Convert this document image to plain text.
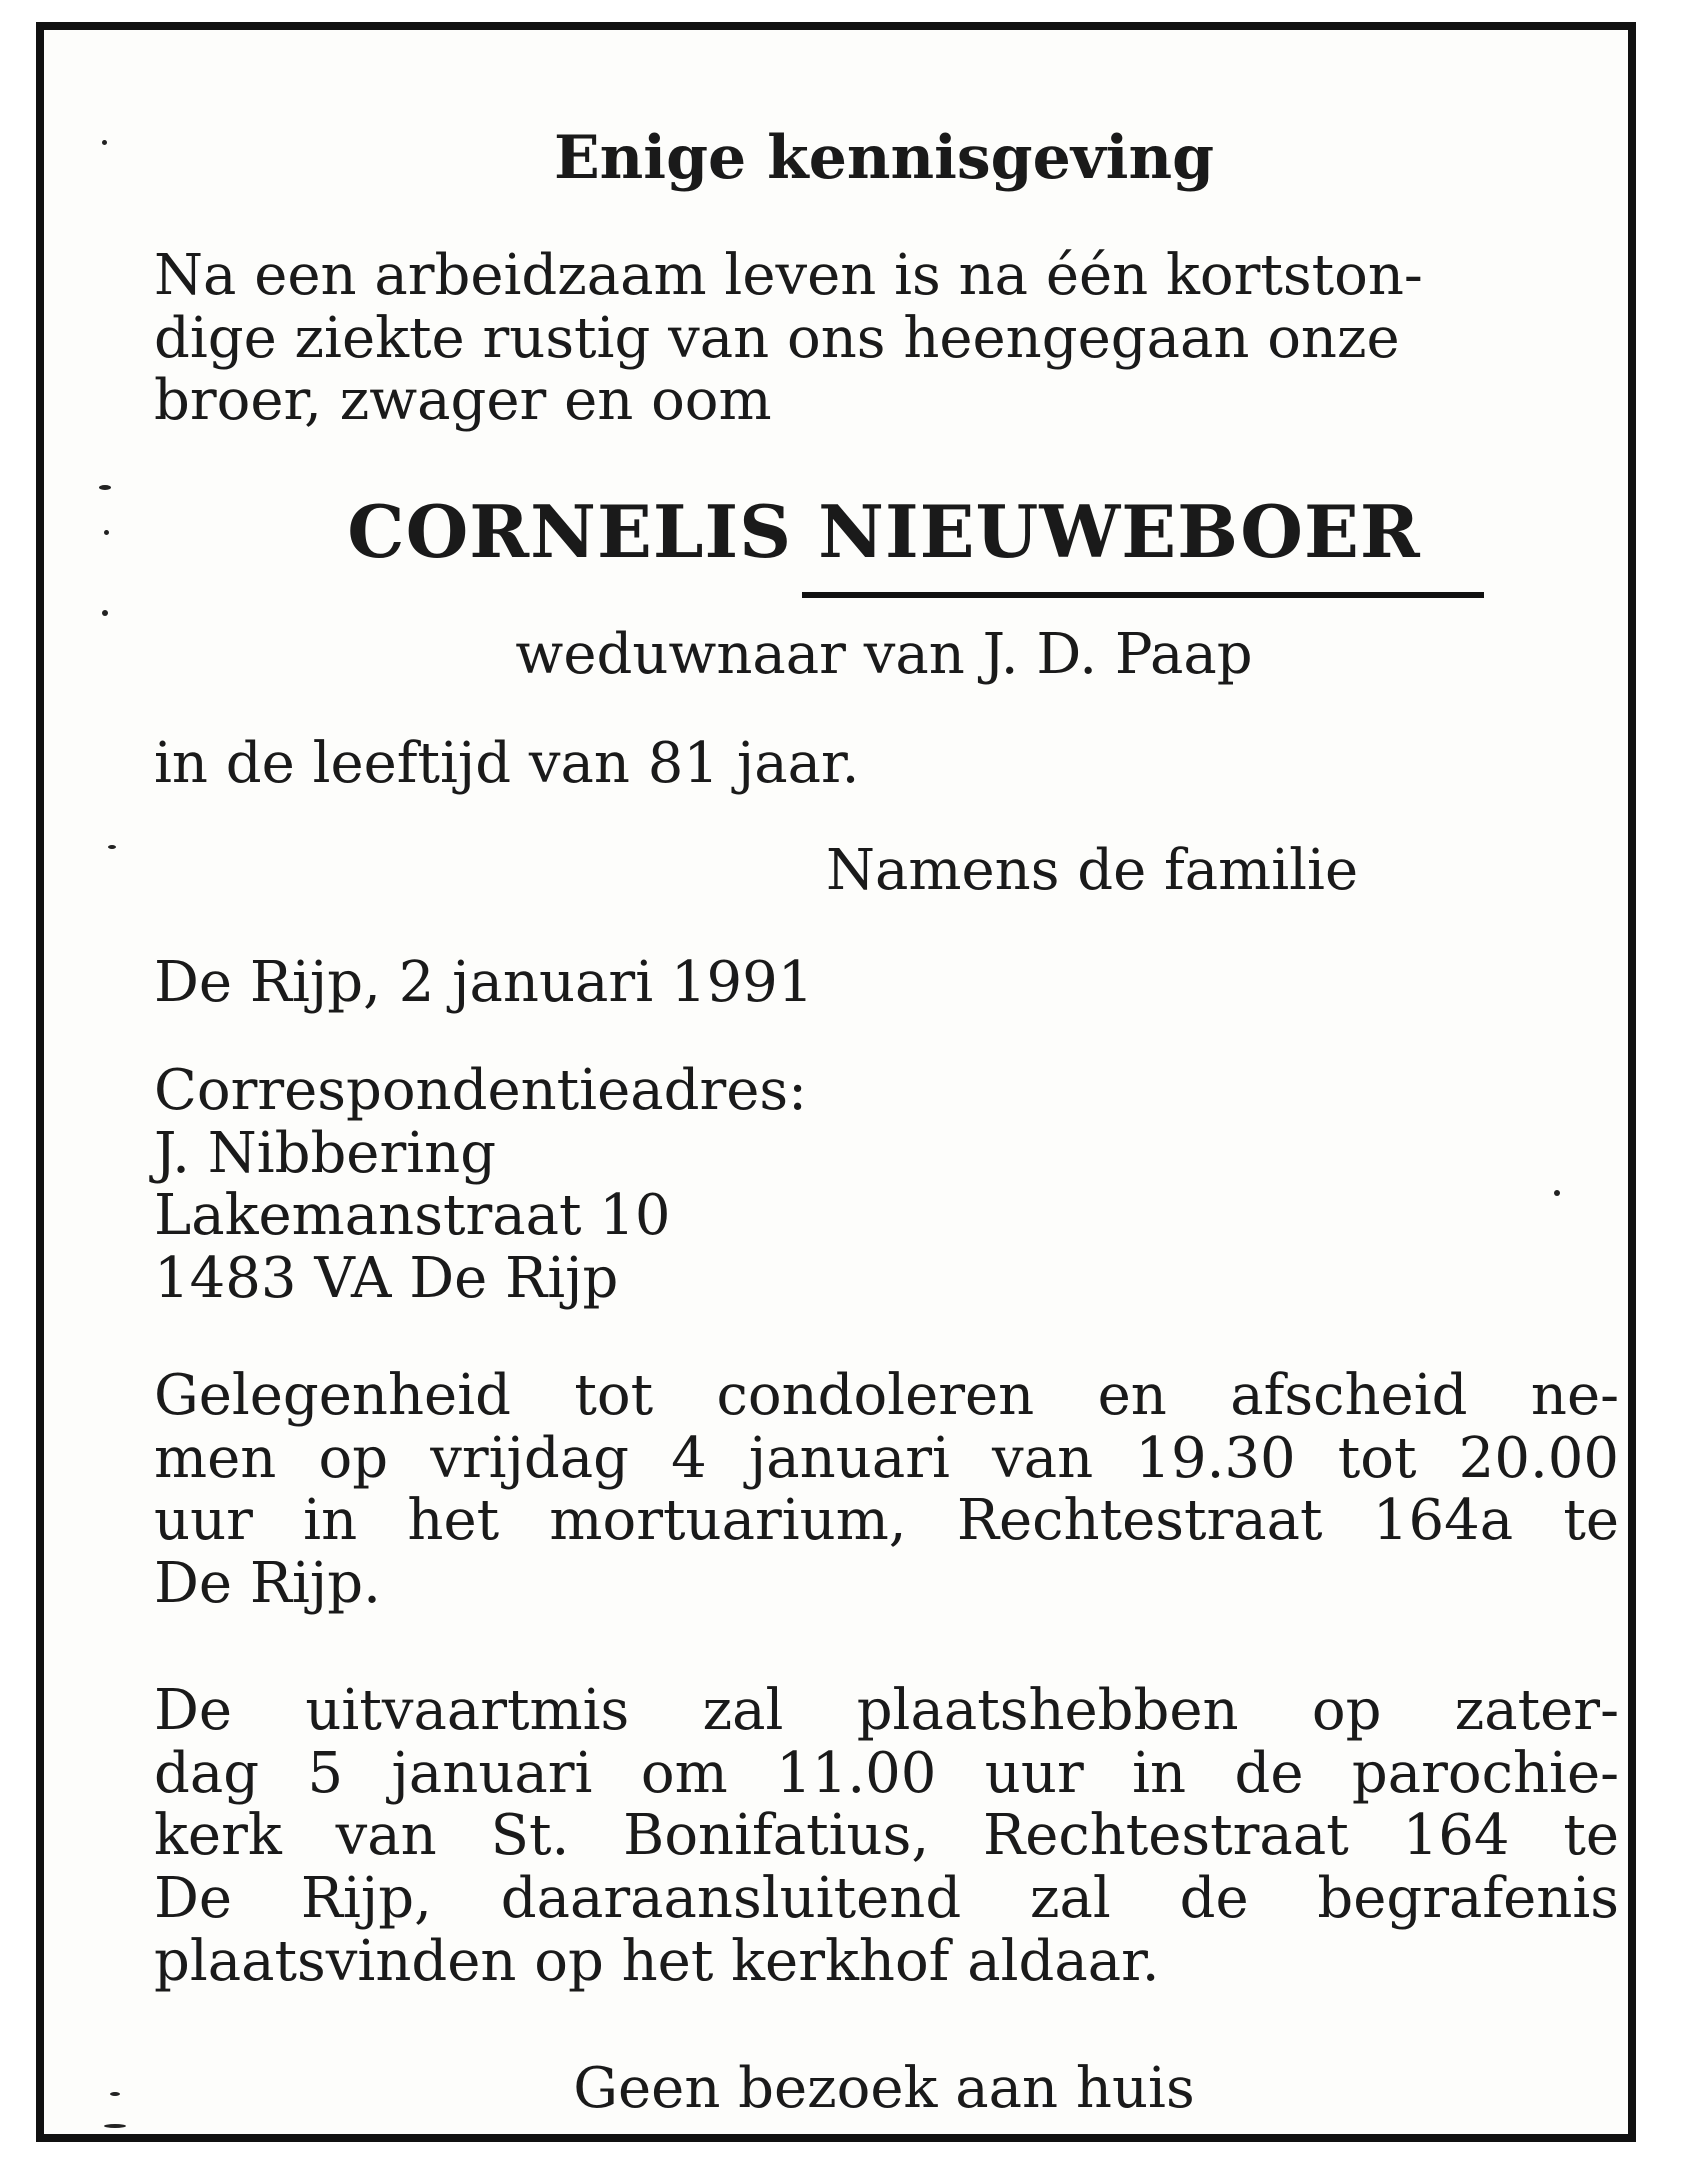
Enige kennisgeving
Na een arbeidzaam leven is na één kortston-
dige ziekte rustig van ons heengegaan onze
broer, zwager en oom
CORNELIS NIEUWEBOER
weduwnaar van J. D. Paap
in de leeftijd van 81 jaar.
Namens de familie
De Rijp, 2 januari 1991
Correspondentieadres:
J. Nibbering
Lakemanstraat 10
1483 VA De Rijp
Gelegenheid tot condoleren en afscheid ne-
men op vrijdag 4 januari van 19.30 tot 20.00
uur in het mortuarium, Rechtestraat 164a te
De Rijp.
De uitvaartmis zal plaatshebben op zater-
dag 5 januari om 11.00 uur in de parochie-
kerk van St. Bonifatius, Rechtestraat 164 te
De Rijp, daaraansluitend zal de begrafenis
plaatsvinden op het kerkhof aldaar.
Geen bezoek aan huis
